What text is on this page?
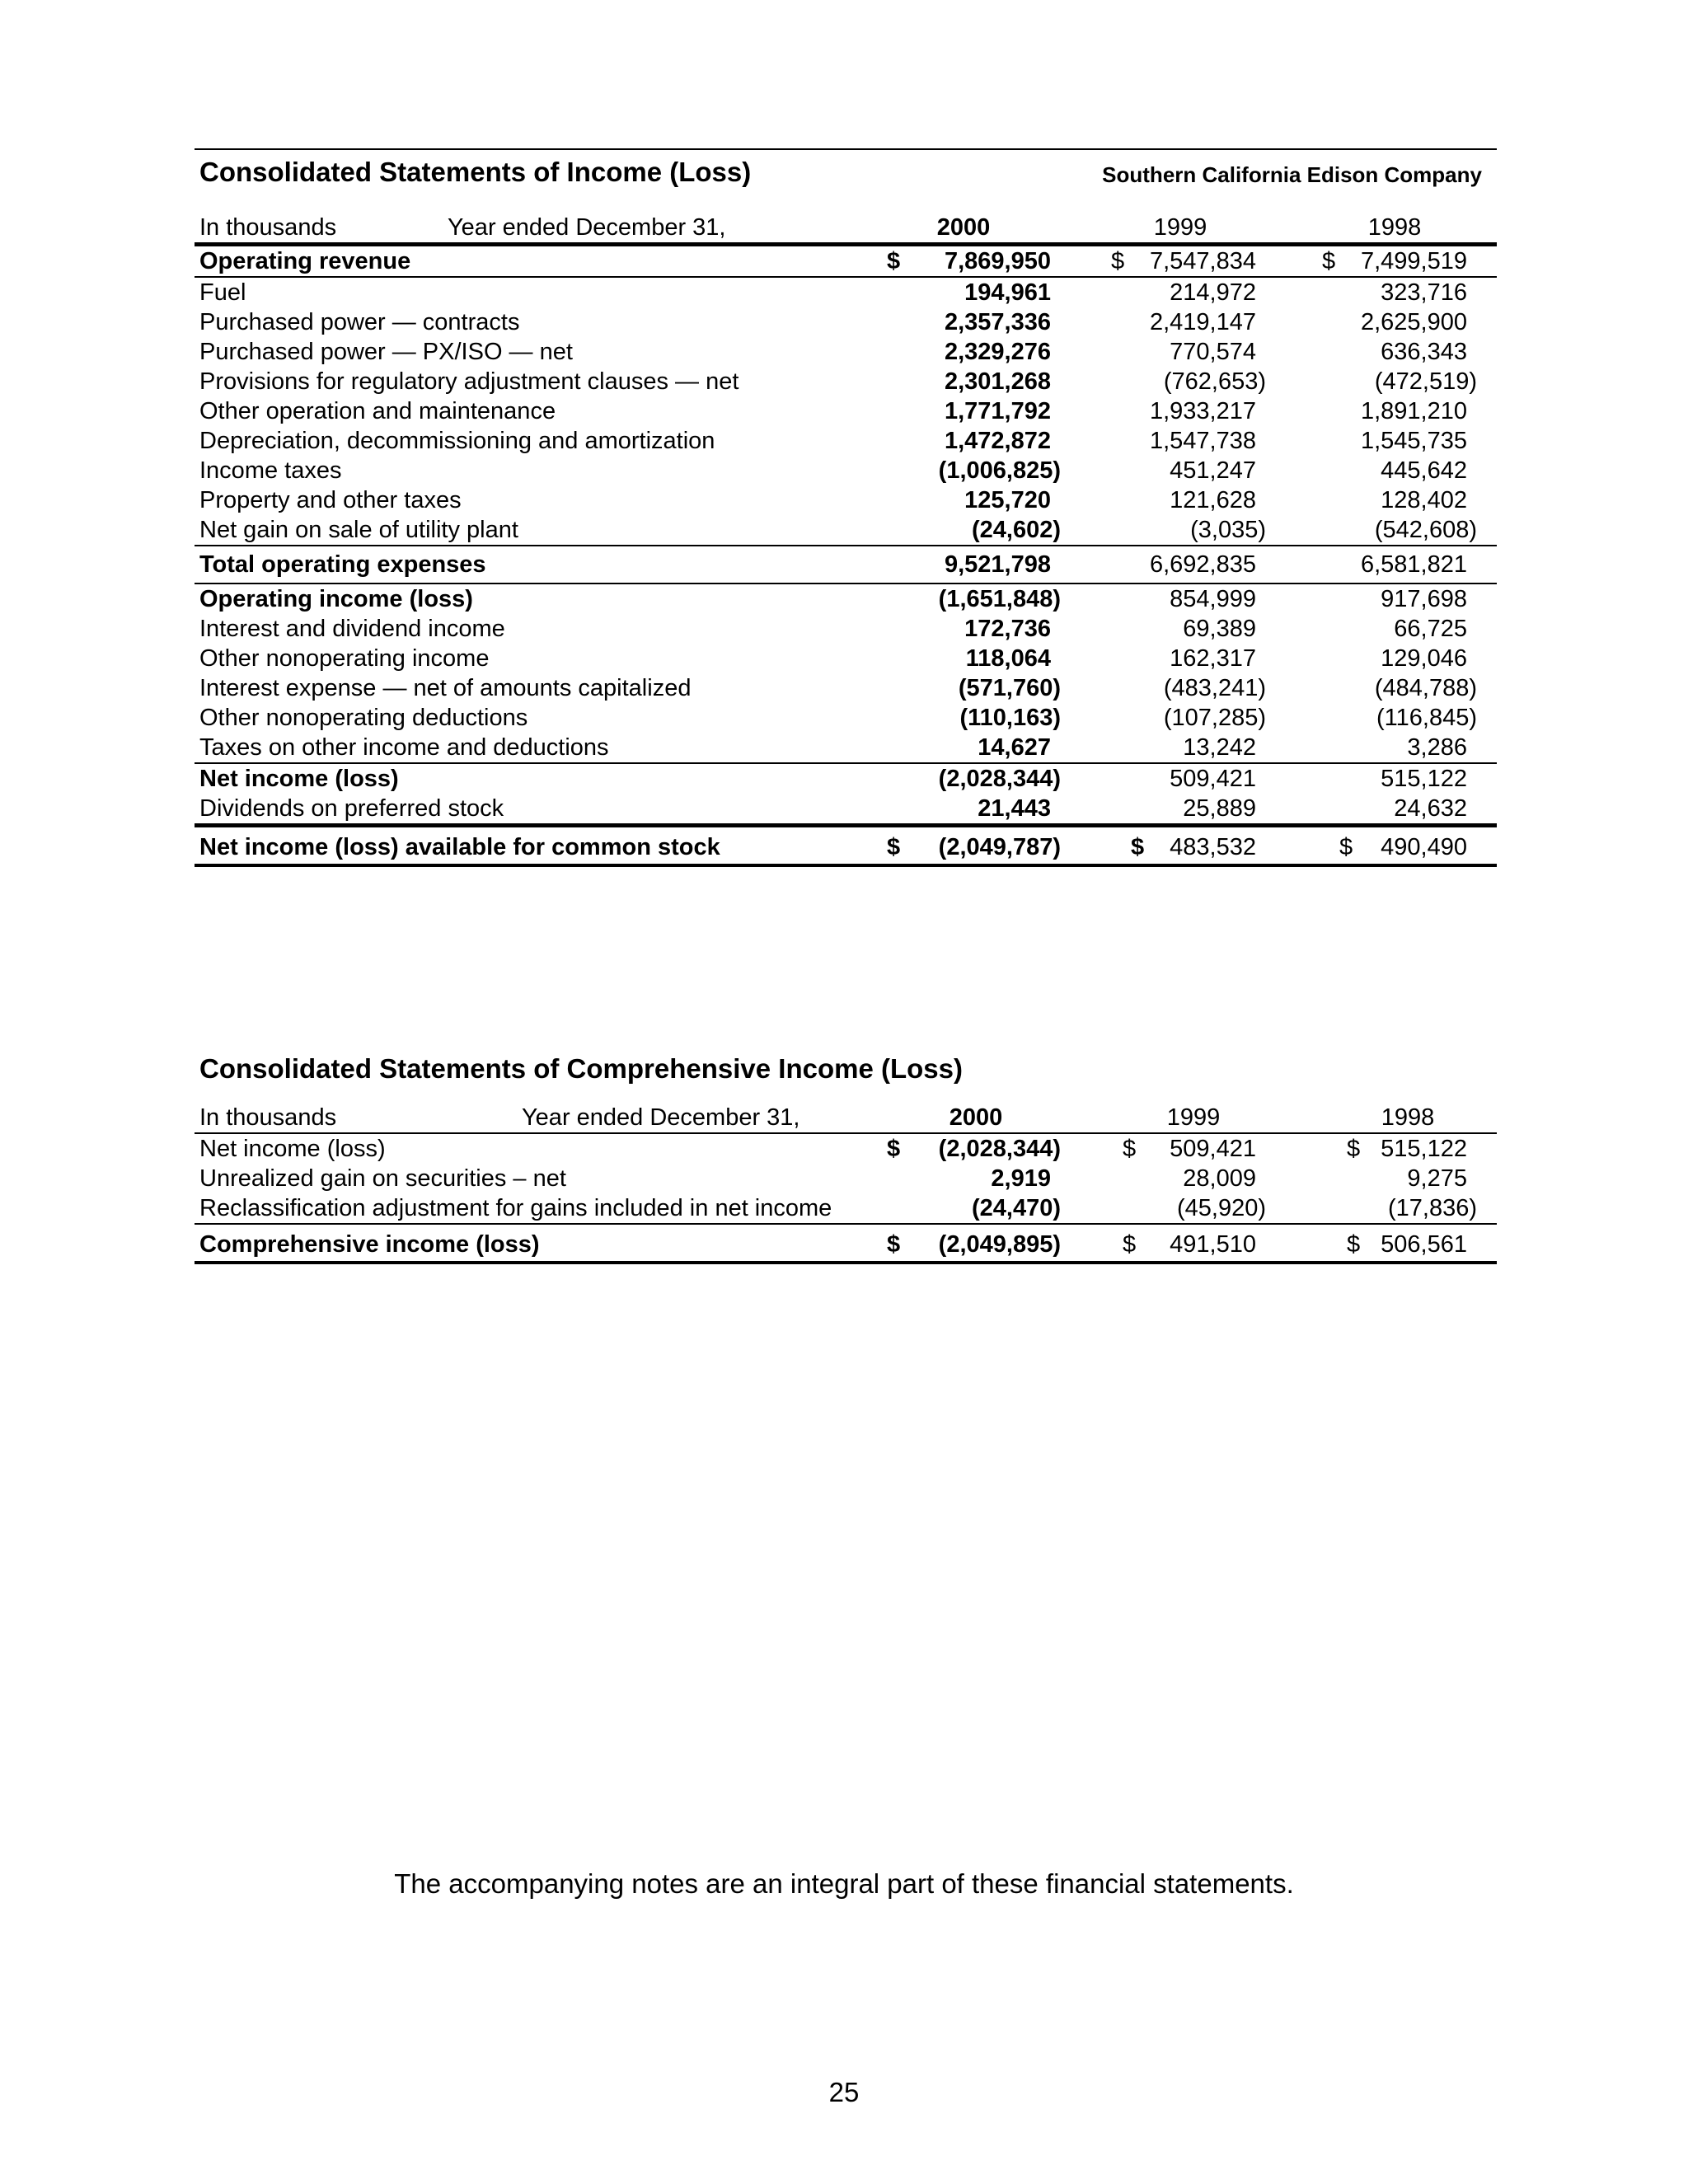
Consolidated Statements of Income (Loss)	Southern California Edison Company
In thousands	Year ended December 31,	2000	1999	1998
Operating revenue	$ 7,869,950	$ 7,547,834	$ 7,499,519
Fuel	194,961	214,972	323,716
Purchased power — contracts	2,357,336	2,419,147	2,625,900
Purchased power — PX/ISO — net	2,329,276	770,574	636,343
Provisions for regulatory adjustment clauses — net	2,301,268	(762,653)	(472,519)
Other operation and maintenance	1,771,792	1,933,217	1,891,210
Depreciation, decommissioning and amortization	1,472,872	1,547,738	1,545,735
Income taxes	(1,006,825)	451,247	445,642
Property and other taxes	125,720	121,628	128,402
Net gain on sale of utility plant	(24,602)	(3,035)	(542,608)
Total operating expenses	9,521,798	6,692,835	6,581,821
Operating income (loss)	(1,651,848)	854,999	917,698
Interest and dividend income	172,736	69,389	66,725
Other nonoperating income	118,064	162,317	129,046
Interest expense — net of amounts capitalized	(571,760)	(483,241)	(484,788)
Other nonoperating deductions	(110,163)	(107,285)	(116,845)
Taxes on other income and deductions	14,627	13,242	3,286
Net income (loss)	(2,028,344)	509,421	515,122
Dividends on preferred stock	21,443	25,889	24,632
Net income (loss) available for common stock	$ (2,049,787)	$ 483,532	$ 490,490
Consolidated Statements of Comprehensive Income (Loss)
In thousands	Year ended December 31,	2000	1999	1998
Net income (loss)	$ (2,028,344)	$ 509,421	$ 515,122
Unrealized gain on securities – net	2,919	28,009	9,275
Reclassification adjustment for gains included in net income	(24,470)	(45,920)	(17,836)
Comprehensive income (loss)	$ (2,049,895)	$ 491,510	$ 506,561
The accompanying notes are an integral part of these financial statements.
25
